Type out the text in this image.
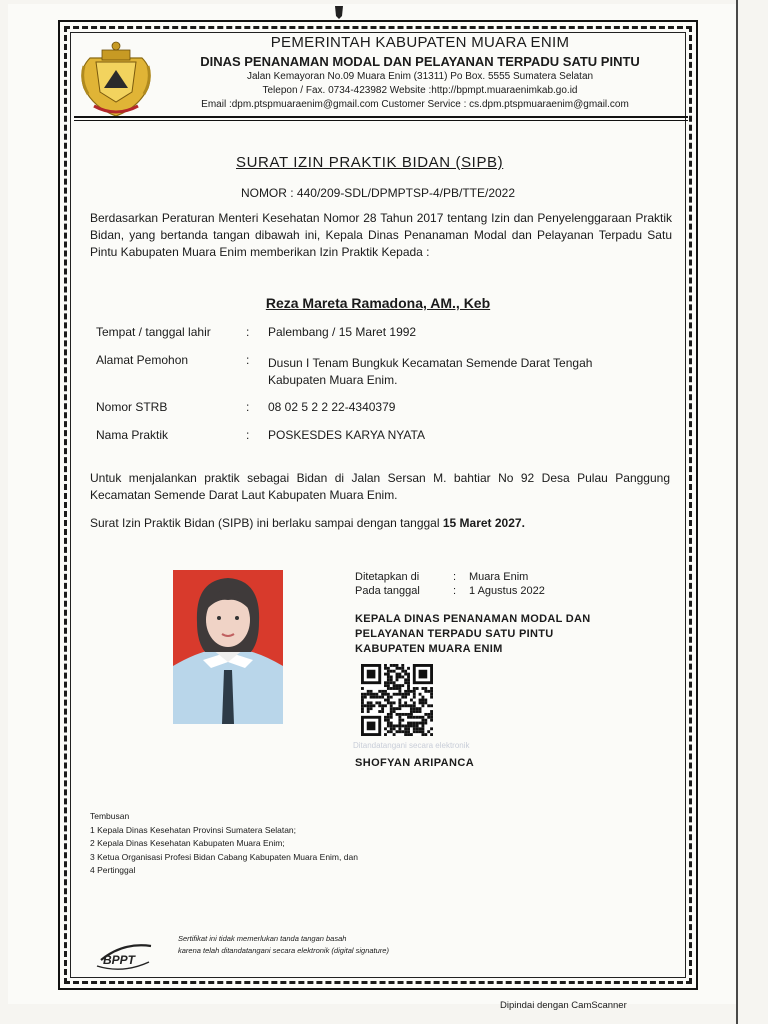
PEMERINTAH KABUPATEN MUARA ENIM
DINAS PENANAMAN MODAL DAN PELAYANAN TERPADU SATU PINTU
Jalan Kemayoran No.09 Muara Enim (31311) Po Box. 5555 Sumatera Selatan
Telepon / Fax. 0734-423982 Website :http://bpmpt.muaraenimkab.go.id
Email :dpm.ptspmuaraenim@gmail.com Customer Service : cs.dpm.ptspmuaraenim@gmail.com
SURAT IZIN PRAKTIK BIDAN (SIPB)
NOMOR : 440/209-SDL/DPMPTSP-4/PB/TTE/2022
Berdasarkan Peraturan Menteri Kesehatan Nomor 28 Tahun 2017 tentang Izin dan Penyelenggaraan Praktik Bidan, yang bertanda tangan dibawah ini, Kepala Dinas Penanaman Modal dan Pelayanan Terpadu Satu Pintu Kabupaten Muara Enim memberikan Izin Praktik Kepada :
Reza Mareta Ramadona, AM., Keb
Tempat / tanggal lahir	: Palembang / 15 Maret 1992
Alamat Pemohon	: Dusun I Tenam Bungkuk Kecamatan Semende Darat Tengah
Kabupaten Muara Enim.
Nomor STRB	: 08 02 5 2 2 22-4340379
Nama Praktik	: POSKESDES KARYA NYATA
Untuk menjalankan praktik sebagai Bidan di Jalan Sersan M. bahtiar No 92 Desa Pulau Panggung Kecamatan Semende Darat Laut Kabupaten Muara Enim.
Surat Izin Praktik Bidan (SIPB) ini berlaku sampai dengan tanggal 15 Maret 2027.
Ditetapkan di	: Muara Enim
Pada tanggal	: 1 Agustus 2022
KEPALA DINAS PENANAMAN MODAL DAN
PELAYANAN TERPADU SATU PINTU
KABUPATEN MUARA ENIM
Ditandatangani secara elektronik
SHOFYAN ARIPANCA
Tembusan
1 Kepala Dinas Kesehatan Provinsi Sumatera Selatan;
2 Kepala Dinas Kesehatan Kabupaten Muara Enim;
3 Ketua Organisasi Profesi Bidan Cabang Kabupaten Muara Enim, dan
4 Pertinggal
BPPT
Sertifikat ini tidak memerlukan tanda tangan basah
karena telah ditandatangani secara elektronik (digital signature)
Dipindai dengan CamScanner
